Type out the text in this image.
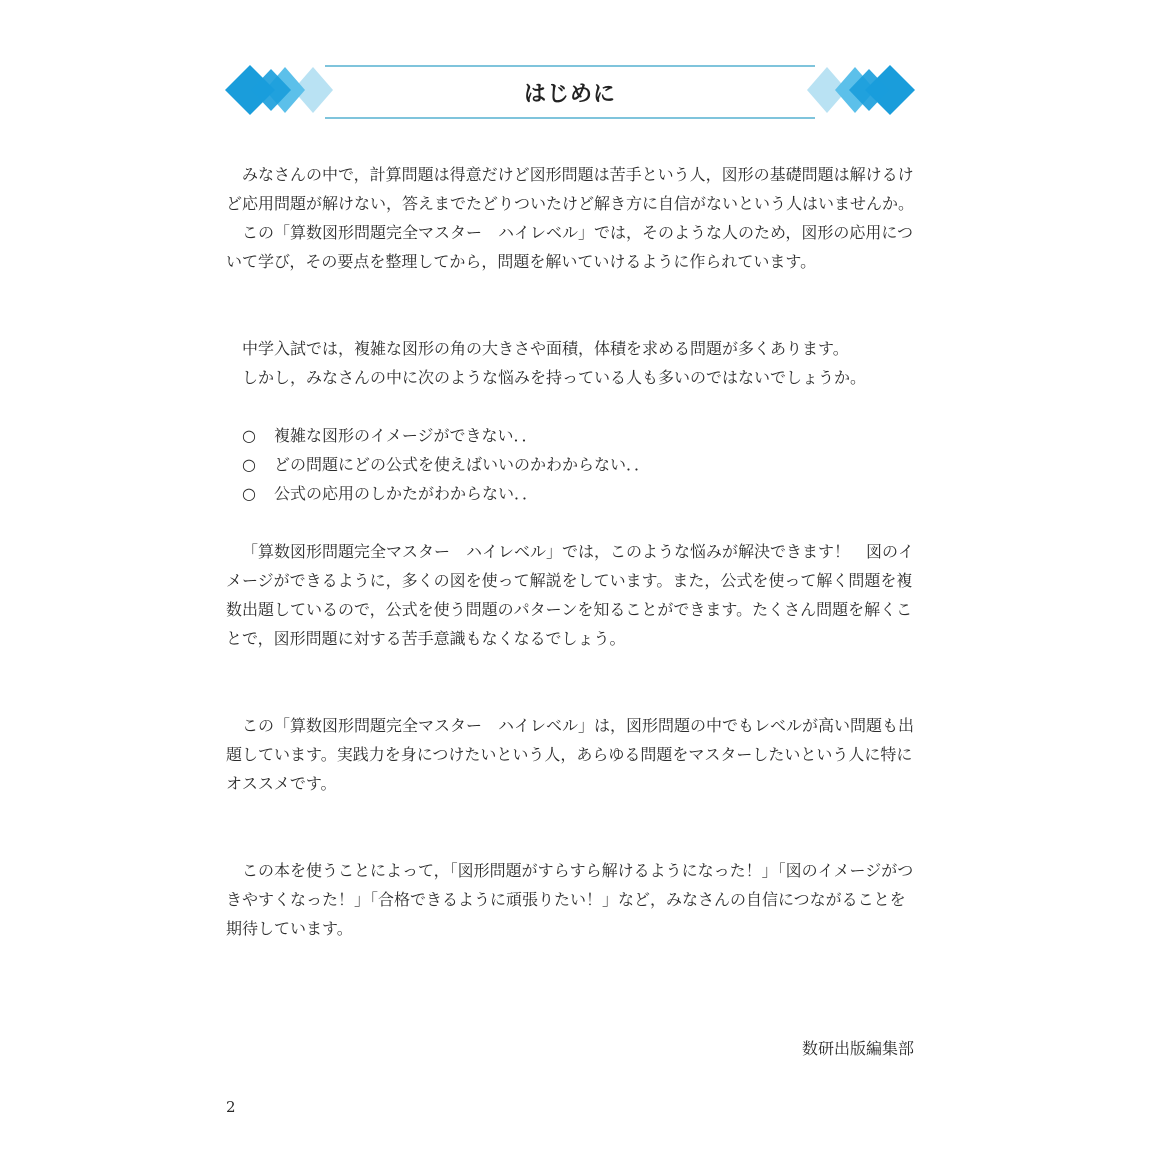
はじめに

みなさんの中で，計算問題は得意だけど図形問題は苦手という人，図形の基礎問題は解けるけど応用問題が解けない，答えまでたどりついたけど解き方に自信がないという人はいませんか。

この「算数図形問題完全マスター　ハイレベル」では，そのような人のため，図形の応用について学び，その要点を整理してから，問題を解いていけるように作られています。

中学入試では，複雑な図形の角の大きさや面積，体積を求める問題が多くあります。

しかし，みなさんの中に次のような悩みを持っている人も多いのではないでしょうか。

○ 複雑な図形のイメージができない．．
○ どの問題にどの公式を使えばいいのかわからない．．
○ 公式の応用のしかたがわからない．．

「算数図形問題完全マスター　ハイレベル」では，このような悩みが解決できます！　図のイメージができるように，多くの図を使って解説をしています。また，公式を使って解く問題を複数出題しているので，公式を使う問題のパターンを知ることができます。たくさん問題を解くことで，図形問題に対する苦手意識もなくなるでしょう。

この「算数図形問題完全マスター　ハイレベル」は，図形問題の中でもレベルが高い問題も出題しています。実践力を身につけたいという人，あらゆる問題をマスターしたいという人に特にオススメです。

この本を使うことによって，「図形問題がすらすら解けるようになった！」「図のイメージがつきやすくなった！」「合格できるように頑張りたい！」など，みなさんの自信につながることを期待しています。

数研出版編集部
2
